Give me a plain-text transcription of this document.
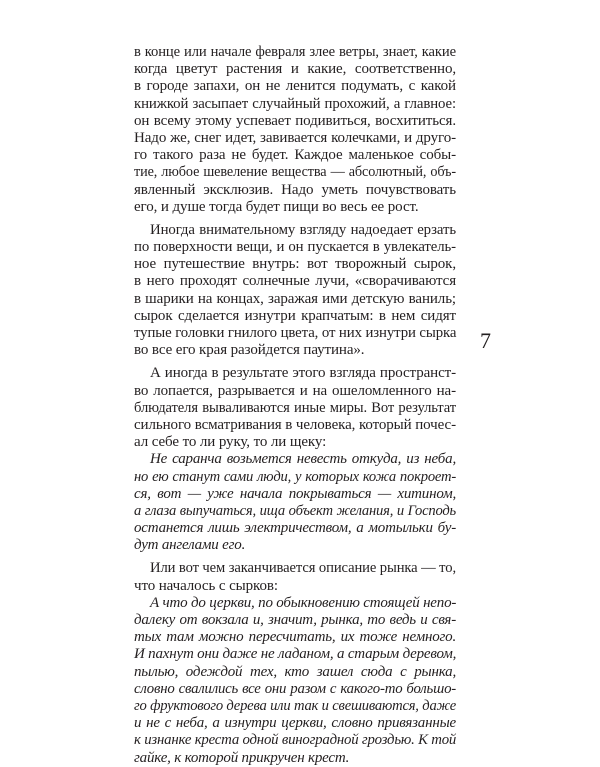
в конце или начале февраля злее ветры, знает, какие
когда цветут растения и какие, соответственно,
в городе запахи, он не ленится подумать, с какой
книжкой засыпает случайный прохожий, а главное:
он всему этому успевает подивиться, восхититься.
Надо же, снег идет, завивается колечками, и друго-
го такого раза не будет. Каждое маленькое собы-
тие, любое шевеление вещества — абсолютный, объ-
явленный эксклюзив. Надо уметь почувствовать
его, и душе тогда будет пищи во весь ее рост.
Иногда внимательному взгляду надоедает ерзать
по поверхности вещи, и он пускается в увлекатель-
ное путешествие внутрь: вот творожный сырок,
в него проходят солнечные лучи, «сворачиваются
в шарики на концах, заражая ими детскую ваниль;
сырок сделается изнутри крапчатым: в нем сидят
тупые головки гнилого цвета, от них изнутри сырка
во все его края разойдется паутина».
А иногда в результате этого взгляда пространст-
во лопается, разрывается и на ошеломленного на-
блюдателя вываливаются иные миры. Вот результат
сильного всматривания в человека, который почес-
ал себе то ли руку, то ли щеку:
Не саранча возьмется невесть откуда, из неба,
но ею станут сами люди, у которых кожа покроет-
ся, вот — уже начала покрываться — хитином,
а глаза выпучаться, ища объект желания, и Господь
останется лишь электричеством, а мотыльки бу-
дут ангелами его.
Или вот чем заканчивается описание рынка — то,
что началось с сырков:
А что до церкви, по обыкновению стоящей непо-
далеку от вокзала и, значит, рынка, то ведь и свя-
тых там можно пересчитать, их тоже немного.
И пахнут они даже не ладаном, а старым деревом,
пылью, одеждой тех, кто зашел сюда с рынка,
словно свалились все они разом с какого-то большо-
го фруктового дерева или так и свешиваются, даже
и не с неба, а изнутри церкви, словно привязанные
к изнанке креста одной виноградной гроздью. К той
гайке, к которой прикручен крест.
7
